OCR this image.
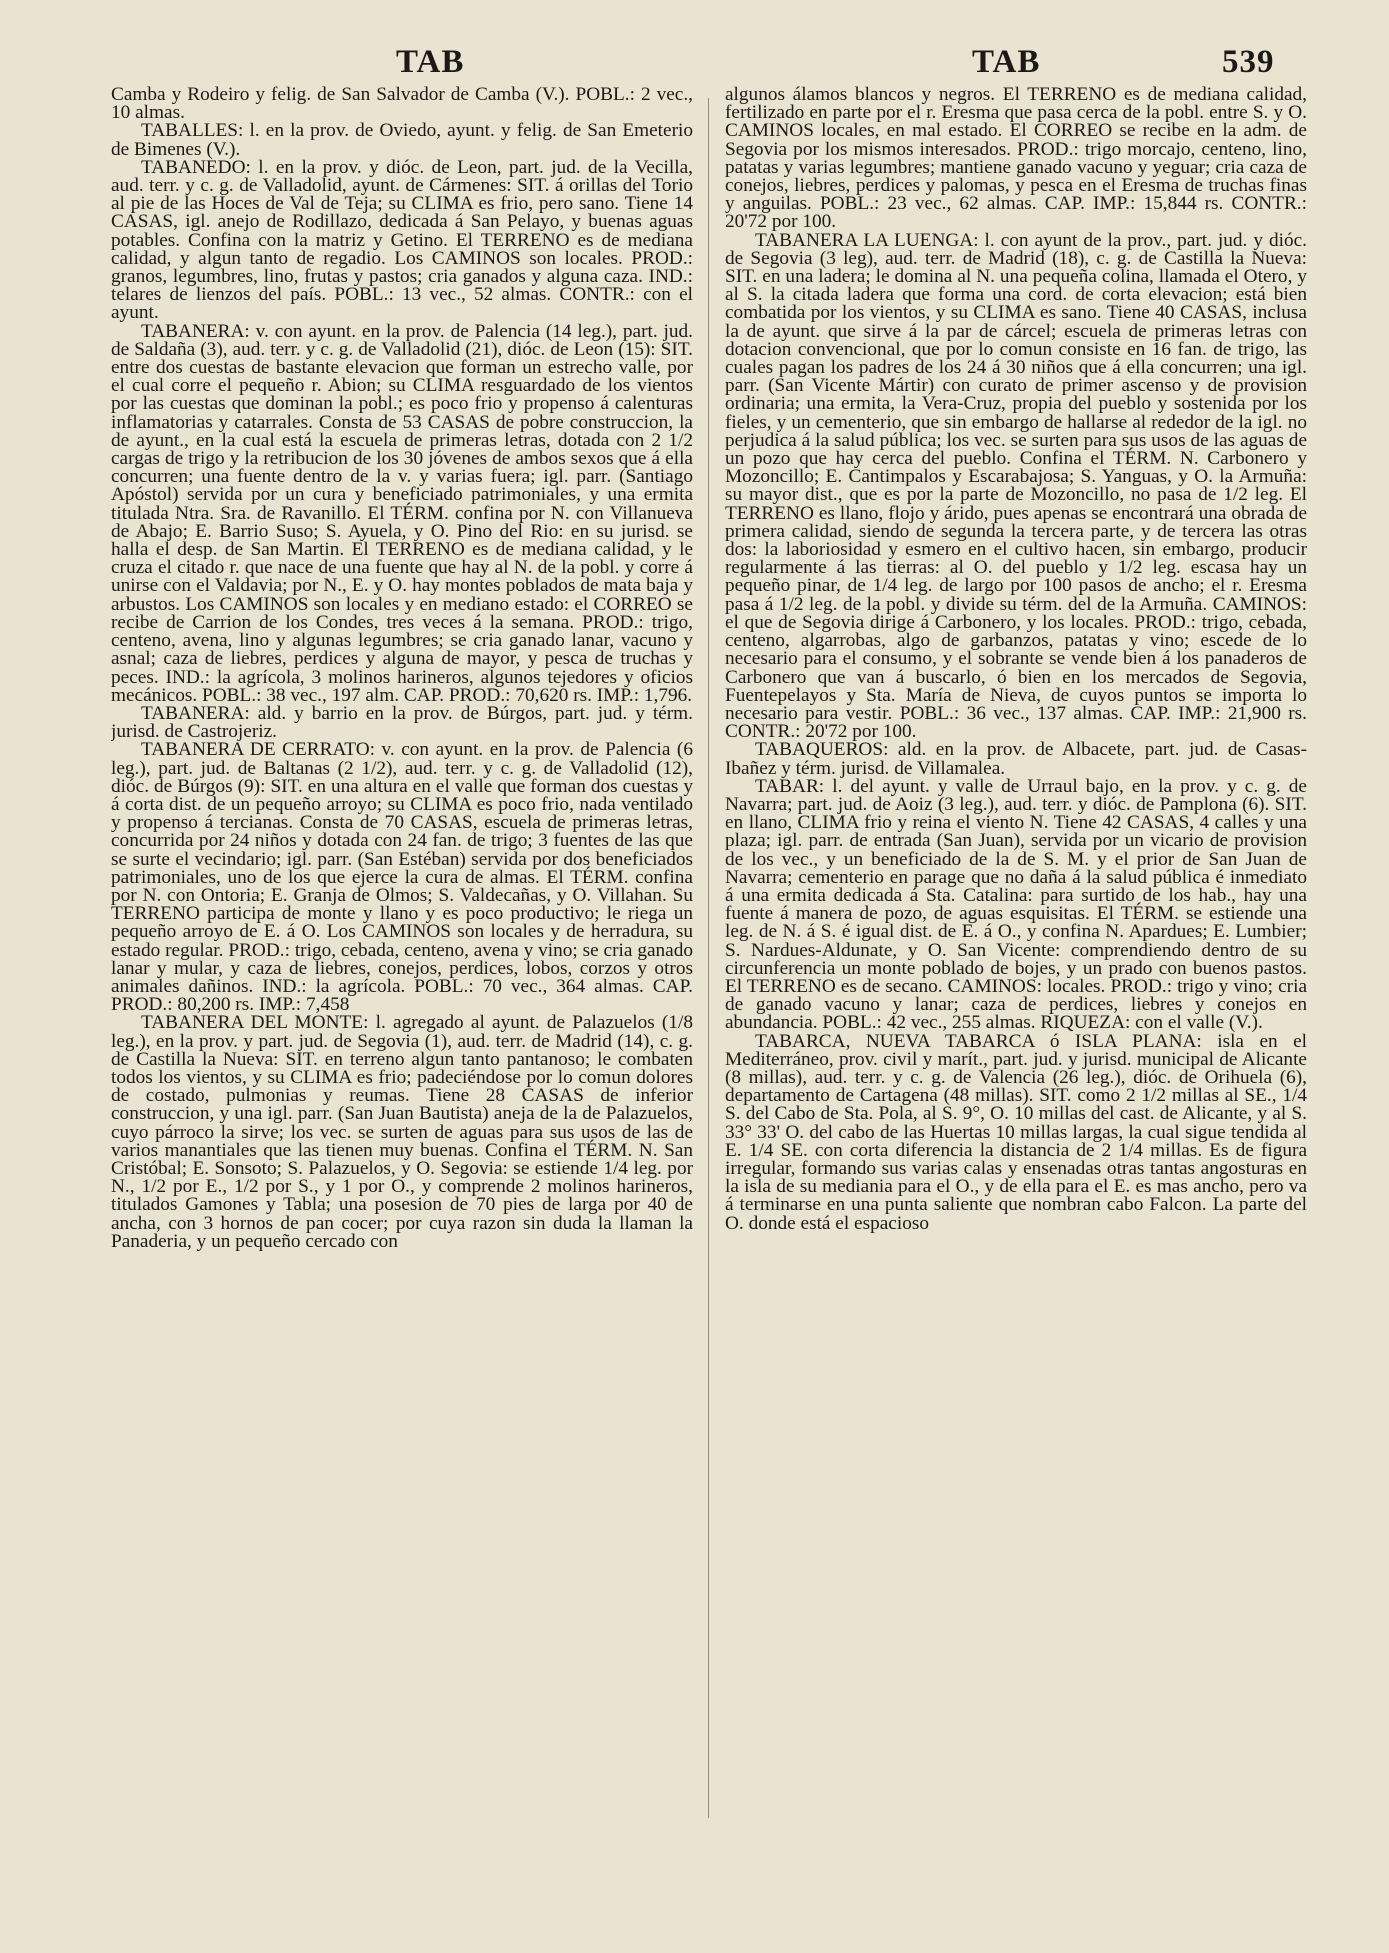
TAB	TAB	539

Camba y Rodeiro y felig. de San Salvador de Camba (V.). POBL.: 2 vec., 10 almas.

TABALLES: l. en la prov. de Oviedo, ayunt. y felig. de San Emeterio de Bimenes (V.).

TABANEDO: l. en la prov. y dióc. de Leon, part. jud. de la Vecilla, aud. terr. y c. g. de Valladolid, ayunt. de Cármenes: SIT. á orillas del Torio al pie de las Hoces de Val de Teja; su CLIMA es frio, pero sano. Tiene 14 CASAS, igl. anejo de Rodillazo, dedicada á San Pelayo, y buenas aguas potables. Confina con la matriz y Getino. El TERRENO es de mediana calidad, y algun tanto de regadio. Los CAMINOS son locales. PROD.: granos, legumbres, lino, frutas y pastos; cria ganados y alguna caza. IND.: telares de lienzos del país. POBL.: 13 vec., 52 almas. CONTR.: con el ayunt.

TABANERA: v. con ayunt. en la prov. de Palencia (14 leg.), part. jud. de Saldaña (3), aud. terr. y c. g. de Valladolid (21), dióc. de Leon (15): SIT. entre dos cuestas de bastante elevacion que forman un estrecho valle, por el cual corre el pequeño r. Abion; su CLIMA resguardado de los vientos por las cuestas que dominan la pobl.; es poco frio y propenso á calenturas inflamatorias y catarrales. Consta de 53 CASAS de pobre construccion, la de ayunt., en la cual está la escuela de primeras letras, dotada con 2 1/2 cargas de trigo y la retribucion de los 30 jóvenes de ambos sexos que á ella concurren; una fuente dentro de la v. y varias fuera; igl. parr. (Santiago Apóstol) servida por un cura y beneficiado patrimoniales, y una ermita titulada Ntra. Sra. de Ravanillo. El TÉRM. confina por N. con Villanueva de Abajo; E. Barrio Suso; S. Ayuela, y O. Pino del Rio: en su jurisd. se halla el desp. de San Martin. El TERRENO es de mediana calidad, y le cruza el citado r. que nace de una fuente que hay al N. de la pobl. y corre á unirse con el Valdavia; por N., E. y O. hay montes poblados de mata baja y arbustos. Los CAMINOS son locales y en mediano estado: el CORREO se recibe de Carrion de los Condes, tres veces á la semana. PROD.: trigo, centeno, avena, lino y algunas legumbres; se cria ganado lanar, vacuno y asnal; caza de liebres, perdices y alguna de mayor, y pesca de truchas y peces. IND.: la agrícola, 3 molinos harineros, algunos tejedores y oficios mecánicos. POBL.: 38 vec., 197 alm. CAP. PROD.: 70,620 rs. IMP.: 1,796.

TABANERA: ald. y barrio en la prov. de Búrgos, part. jud. y térm. jurisd. de Castrojeriz.

TABANERA DE CERRATO: v. con ayunt. en la prov. de Palencia (6 leg.), part. jud. de Baltanas (2 1/2), aud. terr. y c. g. de Valladolid (12), dióc. de Búrgos (9): SIT. en una altura en el valle que forman dos cuestas y á corta dist. de un pequeño arroyo; su CLIMA es poco frio, nada ventilado y propenso á tercianas. Consta de 70 CASAS, escuela de primeras letras, concurrida por 24 niños y dotada con 24 fan. de trigo; 3 fuentes de las que se surte el vecindario; igl. parr. (San Estéban) servida por dos beneficiados patrimoniales, uno de los que ejerce la cura de almas. El TÉRM. confina por N. con Ontoria; E. Granja de Olmos; S. Valdecañas, y O. Villahan. Su TERRENO participa de monte y llano y es poco productivo; le riega un pequeño arroyo de E. á O. Los CAMINOS son locales y de herradura, su estado regular. PROD.: trigo, cebada, centeno, avena y vino; se cria ganado lanar y mular, y caza de liebres, conejos, perdices, lobos, corzos y otros animales dañinos. IND.: la agrícola. POBL.: 70 vec., 364 almas. CAP. PROD.: 80,200 rs. IMP.: 7,458

TABANERA DEL MONTE: l. agregado al ayunt. de Palazuelos (1/8 leg.), en la prov. y part. jud. de Segovia (1), aud. terr. de Madrid (14), c. g. de Castilla la Nueva: SIT. en terreno algun tanto pantanoso; le combaten todos los vientos, y su CLIMA es frio; padeciéndose por lo comun dolores de costado, pulmonias y reumas. Tiene 28 CASAS de inferior construccion, y una igl. parr. (San Juan Bautista) aneja de la de Palazuelos, cuyo párroco la sirve; los vec. se surten de aguas para sus usos de las de varios manantiales que las tienen muy buenas. Confina el TÉRM. N. San Cristóbal; E. Sonsoto; S. Palazuelos, y O. Segovia: se estiende 1/4 leg. por N., 1/2 por E., 1/2 por S., y 1 por O., y comprende 2 molinos harineros, titulados Gamones y Tabla; una posesion de 70 pies de larga por 40 de ancha, con 3 hornos de pan cocer; por cuya razon sin duda la llaman la Panaderia, y un pequeño cercado con

algunos álamos blancos y negros. El TERRENO es de mediana calidad, fertilizado en parte por el r. Eresma que pasa cerca de la pobl. entre S. y O. CAMINOS locales, en mal estado. El CORREO se recibe en la adm. de Segovia por los mismos interesados. PROD.: trigo morcajo, centeno, lino, patatas y varias legumbres; mantiene ganado vacuno y yeguar; cria caza de conejos, liebres, perdices y palomas, y pesca en el Eresma de truchas finas y anguilas. POBL.: 23 vec., 62 almas. CAP. IMP.: 15,844 rs. CONTR.: 20'72 por 100.

TABANERA LA LUENGA: l. con ayunt de la prov., part. jud. y dióc. de Segovia (3 leg), aud. terr. de Madrid (18), c. g. de Castilla la Nueva: SIT. en una ladera; le domina al N. una pequeña colina, llamada el Otero, y al S. la citada ladera que forma una cord. de corta elevacion; está bien combatida por los vientos, y su CLIMA es sano. Tiene 40 CASAS, inclusa la de ayunt. que sirve á la par de cárcel; escuela de primeras letras con dotacion convencional, que por lo comun consiste en 16 fan. de trigo, las cuales pagan los padres de los 24 á 30 niños que á ella concurren; una igl. parr. (San Vicente Mártir) con curato de primer ascenso y de provision ordinaria; una ermita, la Vera-Cruz, propia del pueblo y sostenida por los fieles, y un cementerio, que sin embargo de hallarse al rededor de la igl. no perjudica á la salud pública; los vec. se surten para sus usos de las aguas de un pozo que hay cerca del pueblo. Confina el TÉRM. N. Carbonero y Mozoncillo; E. Cantimpalos y Escarabajosa; S. Yanguas, y O. la Armuña: su mayor dist., que es por la parte de Mozoncillo, no pasa de 1/2 leg. El TERRENO es llano, flojo y árido, pues apenas se encontrará una obrada de primera calidad, siendo de segunda la tercera parte, y de tercera las otras dos: la laboriosidad y esmero en el cultivo hacen, sin embargo, producir regularmente á las tierras: al O. del pueblo y 1/2 leg. escasa hay un pequeño pinar, de 1/4 leg. de largo por 100 pasos de ancho; el r. Eresma pasa á 1/2 leg. de la pobl. y divide su térm. del de la Armuña. CAMINOS: el que de Segovia dirige á Carbonero, y los locales. PROD.: trigo, cebada, centeno, algarrobas, algo de garbanzos, patatas y vino; escede de lo necesario para el consumo, y el sobrante se vende bien á los panaderos de Carbonero que van á buscarlo, ó bien en los mercados de Segovia, Fuentepelayos y Sta. María de Nieva, de cuyos puntos se importa lo necesario para vestir. POBL.: 36 vec., 137 almas. CAP. IMP.: 21,900 rs. CONTR.: 20'72 por 100.

TABAQUEROS: ald. en la prov. de Albacete, part. jud. de Casas-Ibañez y térm. jurisd. de Villamalea.

TABAR: l. del ayunt. y valle de Urraul bajo, en la prov. y c. g. de Navarra; part. jud. de Aoiz (3 leg.), aud. terr. y dióc. de Pamplona (6). SIT. en llano, CLIMA frio y reina el viento N. Tiene 42 CASAS, 4 calles y una plaza; igl. parr. de entrada (San Juan), servida por un vicario de provision de los vec., y un beneficiado de la de S. M. y el prior de San Juan de Navarra; cementerio en parage que no daña á la salud pública é inmediato á una ermita dedicada á Sta. Catalina: para surtido de los hab., hay una fuente á manera de pozo, de aguas esquisitas. El TÉRM. se estiende una leg. de N. á S. é igual dist. de E. á O., y confina N. Apardues; E. Lumbier; S. Nardues-Aldunate, y O. San Vicente: comprendiendo dentro de su circunferencia un monte poblado de bojes, y un prado con buenos pastos. El TERRENO es de secano. CAMINOS: locales. PROD.: trigo y vino; cria de ganado vacuno y lanar; caza de perdices, liebres y conejos en abundancia. POBL.: 42 vec., 255 almas. RIQUEZA: con el valle (V.).

TABARCA, NUEVA TABARCA ó ISLA PLANA: isla en el Mediterráneo, prov. civil y marít., part. jud. y jurisd. municipal de Alicante (8 millas), aud. terr. y c. g. de Valencia (26 leg.), dióc. de Orihuela (6), departamento de Cartagena (48 millas). SIT. como 2 1/2 millas al SE., 1/4 S. del Cabo de Sta. Pola, al S. 9°, O. 10 millas del cast. de Alicante, y al S. 33° 33' O. del cabo de las Huertas 10 millas largas, la cual sigue tendida al E. 1/4 SE. con corta diferencia la distancia de 2 1/4 millas. Es de figura irregular, formando sus varias calas y ensenadas otras tantas angosturas en la isla de su mediania para el O., y de ella para el E. es mas ancho, pero va á terminarse en una punta saliente que nombran cabo Falcon. La parte del O. donde está el espacioso
